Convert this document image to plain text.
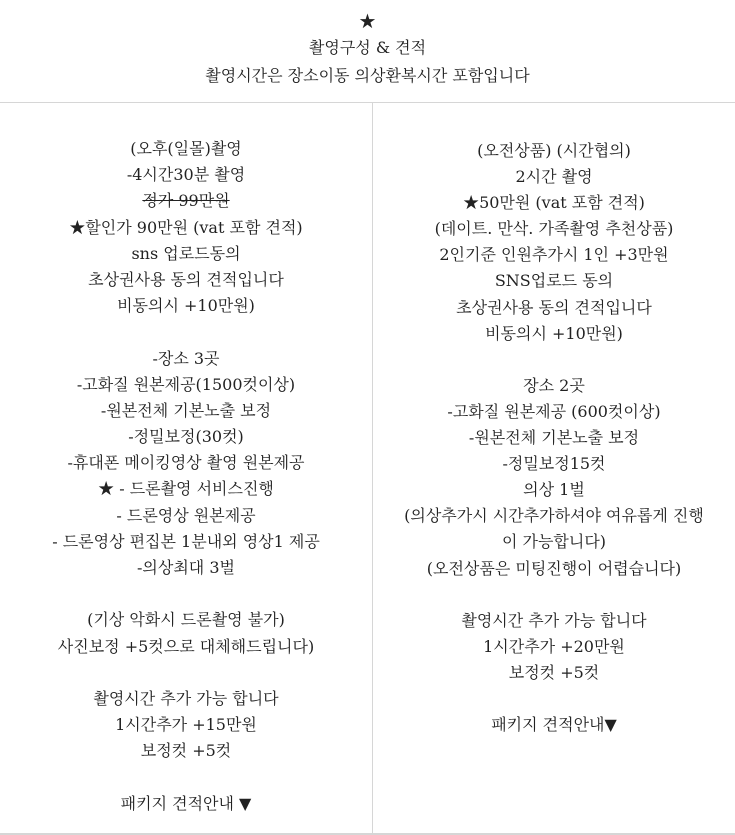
★
촬영구성 & 견적
촬영시간은 장소이동 의상환복시간 포함입니다
(오후(일몰)촬영
-4시간30분 촬영
정가 99만원
★할인가 90만원 (vat 포함 견적)
sns 업로드동의
초상권사용 동의 견적입니다
비동의시 +10만원)
-장소 3곳
-고화질 원본제공(1500컷이상)
-원본전체 기본노출 보정
-정밀보정(30컷)
-휴대폰 메이킹영상 촬영 원본제공
★ - 드론촬영 서비스진행
- 드론영상 원본제공
- 드론영상 편집본 1분내외 영상1 제공
-의상최대 3벌
(기상 악화시 드론촬영 불가)
사진보정 +5컷으로 대체해드립니다)
촬영시간 추가 가능 합니다
1시간추가 +15만원
보정컷 +5컷
패키지 견적안내 ▼
(오전상품) (시간협의)
2시간 촬영
★50만원 (vat 포함 견적)
(데이트. 만삭. 가족촬영 추천상품)
2인기준 인원추가시 1인 +3만원
SNS업로드 동의
초상권사용 동의 견적입니다
비동의시 +10만원)
장소 2곳
-고화질 원본제공 (600컷이상)
-원본전체 기본노출 보정
-정밀보정15컷
의상 1벌
(의상추가시 시간추가하셔야 여유롭게 진행
이 가능합니다)
(오전상품은 미팅진행이 어렵습니다)
촬영시간 추가 가능 합니다
1시간추가 +20만원
보정컷 +5컷
패키지 견적안내▼
